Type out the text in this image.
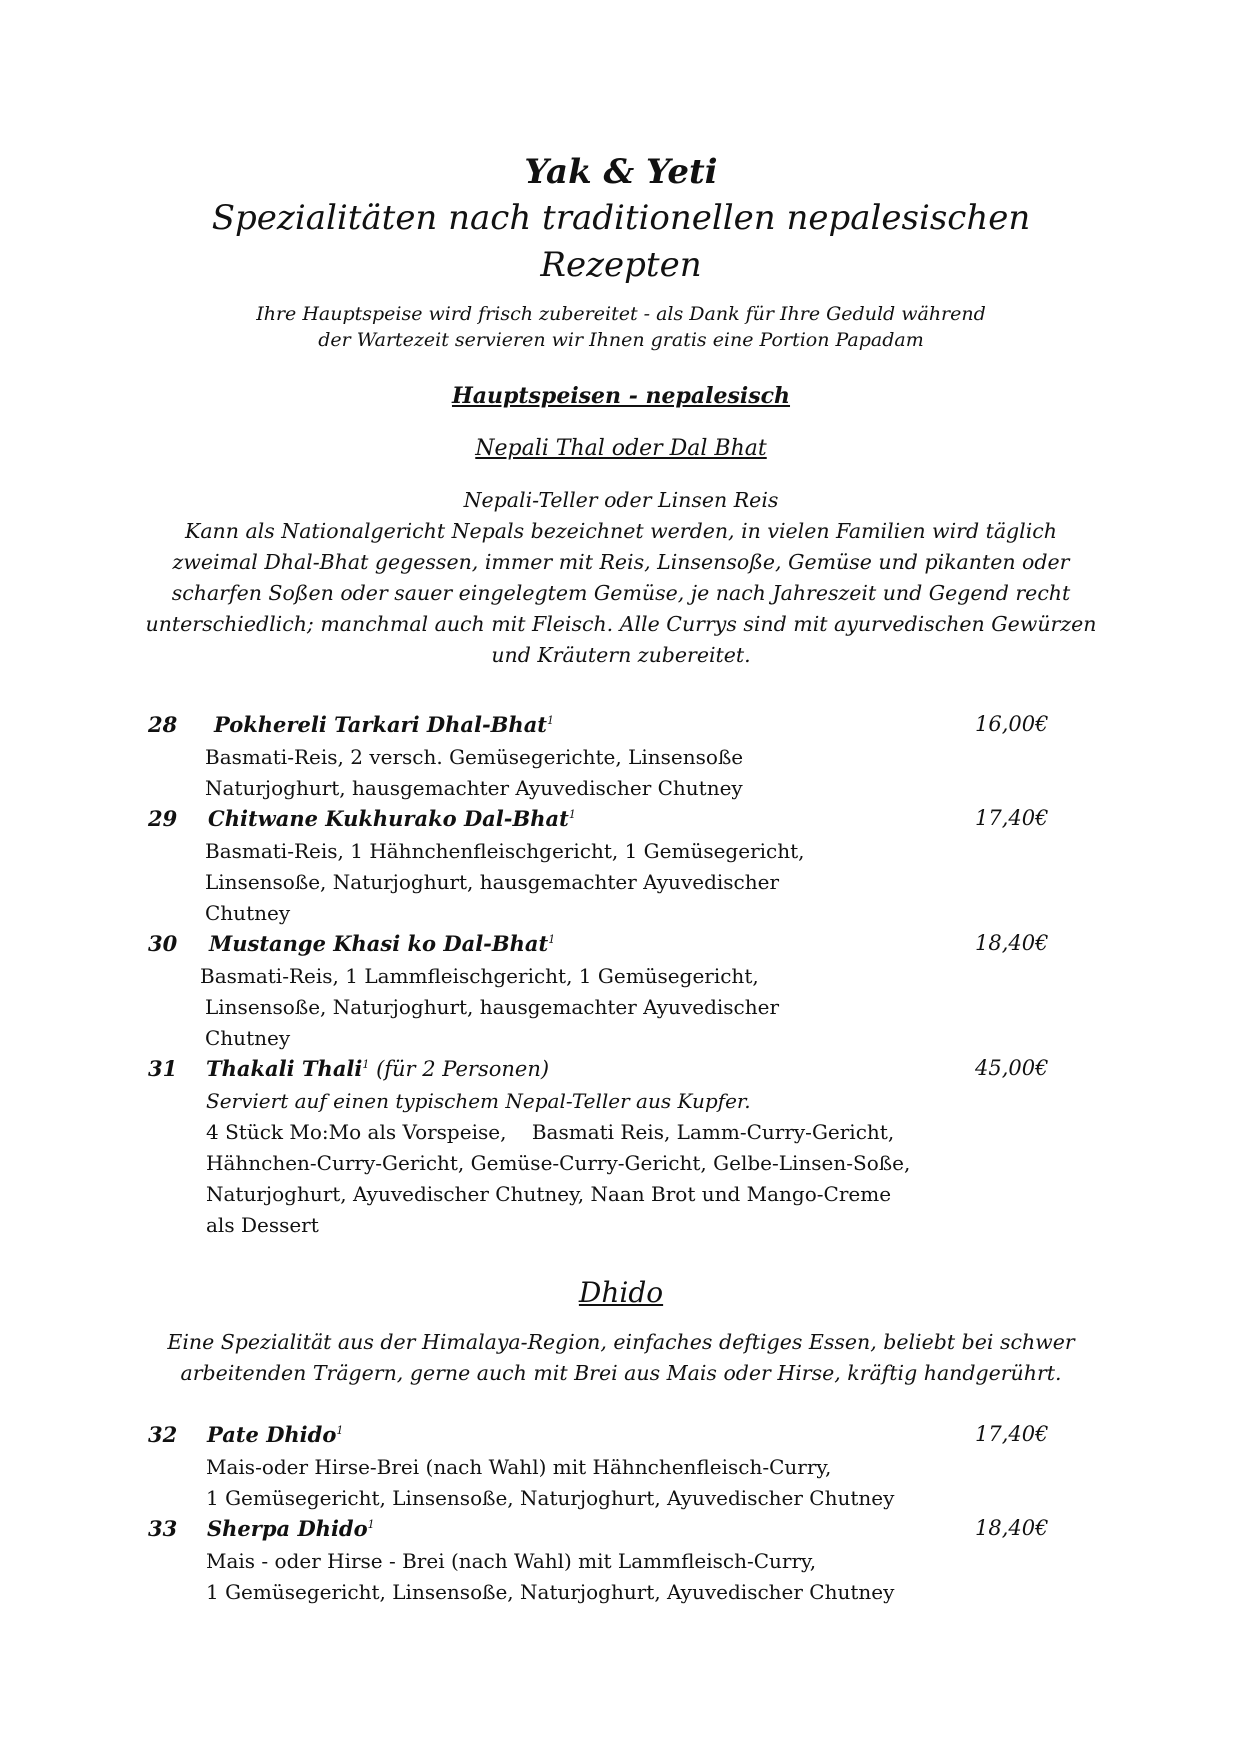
Yak & Yeti
Spezialitäten nach traditionellen nepalesischen
Rezepten
Ihre Hauptspeise wird frisch zubereitet - als Dank für Ihre Geduld während
der Wartezeit servieren wir Ihnen gratis eine Portion Papadam
Hauptspeisen - nepalesisch
Nepali Thal oder Dal Bhat
Nepali-Teller oder Linsen Reis
Kann als Nationalgericht Nepals bezeichnet werden, in vielen Familien wird täglich
zweimal Dhal-Bhat gegessen, immer mit Reis, Linsensoße, Gemüse und pikanten oder
scharfen Soßen oder sauer eingelegtem Gemüse, je nach Jahreszeit und Gegend recht
unterschiedlich; manchmal auch mit Fleisch. Alle Currys sind mit ayurvedischen Gewürzen
und Kräutern zubereitet.
28 Pokhereli Tarkari Dhal-Bhat$^1$	16,00€
Basmati-Reis, 2 versch. Gemüsegerichte, Linsensoße
Naturjoghurt, hausgemachter Ayuvedischer Chutney
29 Chitwane Kukhurako Dal-Bhat$^1$	17,40€
Basmati-Reis, 1 Hähnchenfleischgericht, 1 Gemüsegericht,
Linsensoße, Naturjoghurt, hausgemachter Ayuvedischer
Chutney
30 Mustange Khasi ko Dal-Bhat$^1$	18,40€
Basmati-Reis, 1 Lammfleischgericht, 1 Gemüsegericht,
Linsensoße, Naturjoghurt, hausgemachter Ayuvedischer
Chutney
31 Thakali Thali$^1$ (für 2 Personen)	45,00€
Serviert auf einen typischem Nepal-Teller aus Kupfer.
4 Stück Mo:Mo als Vorspeise,    Basmati Reis, Lamm-Curry-Gericht,
Hähnchen-Curry-Gericht, Gemüse-Curry-Gericht, Gelbe-Linsen-Soße,
Naturjoghurt, Ayuvedischer Chutney, Naan Brot und Mango-Creme
als Dessert
Dhido
Eine Spezialität aus der Himalaya-Region, einfaches deftiges Essen, beliebt bei schwer
arbeitenden Trägern, gerne auch mit Brei aus Mais oder Hirse, kräftig handgerührt.
32 Pate Dhido$^1$	17,40€
Mais-oder Hirse-Brei (nach Wahl) mit Hähnchenfleisch-Curry,
1 Gemüsegericht, Linsensoße, Naturjoghurt, Ayuvedischer Chutney
33 Sherpa Dhido$^1$	18,40€
Mais - oder Hirse - Brei (nach Wahl) mit Lammfleisch-Curry,
1 Gemüsegericht, Linsensoße, Naturjoghurt, Ayuvedischer Chutney
